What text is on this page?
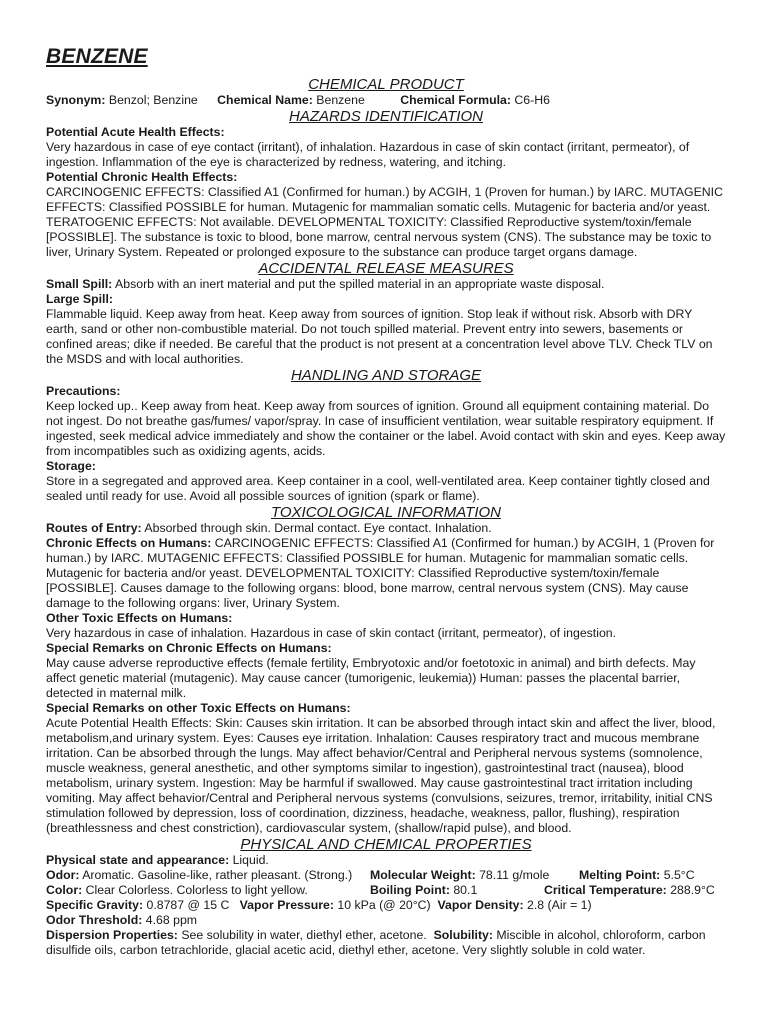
BENZENE
CHEMICAL PRODUCT

Synonym: Benzol; Benzine Chemical Name: Benzene	Chemical Formula: C6-H6

HAZARDS IDENTIFICATION

Potential Acute Health Effects:

Very hazardous in case of eye contact (irritant), of inhalation. Hazardous in case of skin contact (irritant, permeator), of ingestion. Inflammation of the eye is characterized by redness, watering, and itching.

Potential Chronic Health Effects:

CARCINOGENIC EFFECTS: Classified A1 (Confirmed for human.) by ACGIH, 1 (Proven for human.) by IARC. MUTAGENIC EFFECTS: Classified POSSIBLE for human. Mutagenic for mammalian somatic cells. Mutagenic for bacteria and/or yeast. TERATOGENIC EFFECTS: Not available. DEVELOPMENTAL TOXICITY: Classified Reproductive system/toxin/female [POSSIBLE]. The substance is toxic to blood, bone marrow, central nervous system (CNS). The substance may be toxic to liver, Urinary System. Repeated or prolonged exposure to the substance can produce target organs damage.

ACCIDENTAL RELEASE MEASURES

Small Spill: Absorb with an inert material and put the spilled material in an appropriate waste disposal.

Large Spill:

Flammable liquid. Keep away from heat. Keep away from sources of ignition. Stop leak if without risk. Absorb with DRY earth, sand or other non-combustible material. Do not touch spilled material. Prevent entry into sewers, basements or confined areas; dike if needed. Be careful that the product is not present at a concentration level above TLV. Check TLV on the MSDS and with local authorities.

HANDLING AND STORAGE

Precautions:

Keep locked up.. Keep away from heat. Keep away from sources of ignition. Ground all equipment containing material. Do not ingest. Do not breathe gas/fumes/ vapor/spray. In case of insufficient ventilation, wear suitable respiratory equipment. If ingested, seek medical advice immediately and show the container or the label. Avoid contact with skin and eyes. Keep away from incompatibles such as oxidizing agents, acids.

Storage:

Store in a segregated and approved area. Keep container in a cool, well-ventilated area. Keep container tightly closed and sealed until ready for use. Avoid all possible sources of ignition (spark or flame).

TOXICOLOGICAL INFORMATION

Routes of Entry: Absorbed through skin. Dermal contact. Eye contact. Inhalation.

Chronic Effects on Humans: CARCINOGENIC EFFECTS: Classified A1 (Confirmed for human.) by ACGIH, 1 (Proven for human.) by IARC. MUTAGENIC EFFECTS: Classified POSSIBLE for human. Mutagenic for mammalian somatic cells. Mutagenic for bacteria and/or yeast. DEVELOPMENTAL TOXICITY: Classified Reproductive system/toxin/female [POSSIBLE]. Causes damage to the following organs: blood, bone marrow, central nervous system (CNS). May cause damage to the following organs: liver, Urinary System.

Other Toxic Effects on Humans:

Very hazardous in case of inhalation. Hazardous in case of skin contact (irritant, permeator), of ingestion.

Special Remarks on Chronic Effects on Humans:

May cause adverse reproductive effects (female fertility, Embryotoxic and/or foetotoxic in animal) and birth defects. May affect genetic material (mutagenic). May cause cancer (tumorigenic, leukemia)) Human: passes the placental barrier, detected in maternal milk.

Special Remarks on other Toxic Effects on Humans:

Acute Potential Health Effects: Skin: Causes skin irritation. It can be absorbed through intact skin and affect the liver, blood, metabolism,and urinary system. Eyes: Causes eye irritation. Inhalation: Causes respiratory tract and mucous membrane irritation. Can be absorbed through the lungs. May affect behavior/Central and Peripheral nervous systems (somnolence, muscle weakness, general anesthetic, and other symptoms similar to ingestion), gastrointestinal tract (nausea), blood metabolism, urinary system. Ingestion: May be harmful if swallowed. May cause gastrointestinal tract irritation including vomiting. May affect behavior/Central and Peripheral nervous systems (convulsions, seizures, tremor, irritability, initial CNS stimulation followed by depression, loss of coordination, dizziness, headache, weakness, pallor, flushing), respiration (breathlessness and chest constriction), cardiovascular system, (shallow/rapid pulse), and blood.

PHYSICAL AND CHEMICAL PROPERTIES

Physical state and appearance: Liquid.

Odor: Aromatic. Gasoline-like, rather pleasant. (Strong.) Molecular Weight: 78.11 g/mole Melting Point: 5.5°C

Color: Clear Colorless. Colorless to light yellow.	Boiling Point: 80.1	Critical Temperature: 288.9°C

Specific Gravity: 0.8787 @ 15 C Vapor Pressure: 10 kPa (@ 20°C) Vapor Density: 2.8 (Air = 1)

Odor Threshold: 4.68 ppm

Dispersion Properties: See solubility in water, diethyl ether, acetone. Solubility: Miscible in alcohol, chloroform, carbon disulfide oils, carbon tetrachloride, glacial acetic acid, diethyl ether, acetone. Very slightly soluble in cold water.
